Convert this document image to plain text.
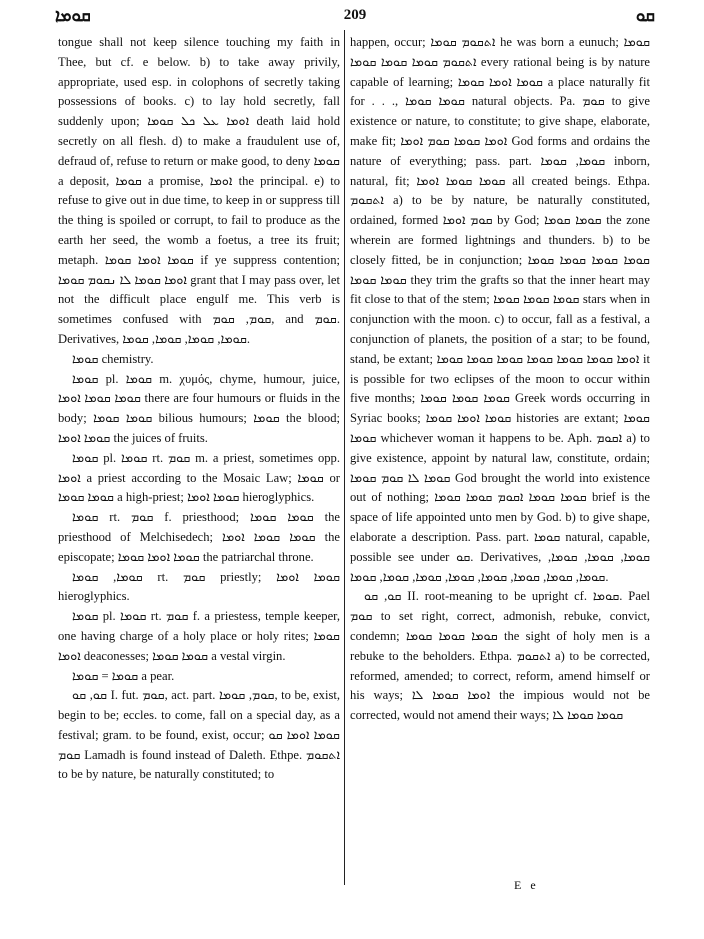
ܩܘܡܐ	209	ܩܘ

tongue shall not keep silence touching my faith in Thee, but cf. e below. b) to take away privily, appropriate, used esp. in colophons of secretly taking possessions of books. c) to lay hold secretly, fall suddenly upon; ܐܘܡܐ ܥܠ ܟܠ ܩܘܡܐ death laid hold secretly on all flesh. d) to make a fraudulent use of, defraud of, refuse to return or make good, to deny ܩܘܡܐ a deposit, ܩܘܡܐ a promise, ܐܘܡܐ the principal. e) to refuse to give out in due time, to keep in or suppress till the thing is spoiled or corrupt, to fail to produce as the earth her seed, the womb a foetus, a tree its fruit; metaph. ܩܘܡܐ ܐܘܡܐ ܩܘܡܐ if ye suppress contention; ܐܘܡܐ ܩܘܡܐ ܠܐ ܢܩܘܡ ܩܘܡܐ grant that I may pass over, let not the difficult place engulf me. This verb is sometimes confused with ܩܘܡ, ܩܘܡ, and ܩܘܡ. Derivatives, ܩܘܡܐ, ܩܘܡܐ, ܩܘܡܐ, ܩܘܡܐ.

ܩܘܡܐ chemistry.

ܩܘܡܐ pl. ܩܘܡܐ m. χυμός, chyme, humour, juice, ܩܘܡܐ ܩܘܡܐ ܐܘܡܐ there are four humours or fluids in the body; ܩܘܡܐ ܩܘܡܐ bilious humours; ܩܘܡܐ the blood; ܩܘܡܐ ܐܘܡܐ the juices of fruits.

ܩܘܡܐ pl. ܩܘܡܐ rt. ܩܘܡ m. a priest, sometimes opp. ܐܘܡܐ a priest according to the Mosaic Law; ܩܘܡܐ or ܩܘܡܐ ܩܘܡܐ a high-priest; ܩܘܡܐ ܐܘܡܐ hieroglyphics.

ܩܘܡܐ rt. ܩܘܡ f. priesthood; ܩܘܡܐ ܩܘܡܐ the priesthood of Melchisedech; ܩܘܡܐ ܩܘܡܐ ܐܘܡܐ the episcopate; ܩܘܡܐ ܐܘܡܐ ܩܘܡܐ the patriarchal throne.

ܩܘܡܐ, ܩܘܡܐ rt. ܩܘܡ priestly; ܩܘܡܐ ܐܘܡܐ hieroglyphics.

ܩܘܡܐ pl. ܩܘܡܐ rt. ܩܘܡ f. a priestess, temple keeper, one having charge of a holy place or holy rites; ܩܘܡܐ ܐܘܡܐ deaconesses; ܩܘܡܐ ܩܘܡܐ a vestal virgin.

ܩܘܡܐ = ܩܘܡܐ a pear.

ܩܘ, ܩܘ I. fut. ܩܘܡ, act. part. ܩܘܡ, ܩܘܡܐ, to be, exist, begin to be; eccles. to come, fall on a special day, as a festival; gram. to be found, exist, occur; ܩܘܡܐ ܐܘܡܐ ܩܘ ܩܘܡ Lamadh is found instead of Daleth. Ethpe. ܐܬܩܘܡ to be by nature, be naturally constituted; to

happen, occur; ܐܬܩܘܡ ܩܘܡܐ he was born a eunuch; ܩܘܡܐ ܐܬܩܘܡ ܩܘܡܐ ܩܘܡܐ ܩܘܡܐ every rational being is by nature capable of learning; ܩܘܡܐ ܐܘܡܐ ܩܘܡܐ a place naturally fit for . . ., ܩܘܡܐ ܩܘܡܐ natural objects. Pa. ܩܘܡ to give existence or nature, to constitute; to give shape, elaborate, make fit; ܐܘܡܐ ܩܘܡܐ ܩܘܡ ܐܘܡܐ God forms and ordains the nature of everything; pass. part. ܩܘܡܐ, ܩܘܡܐ inborn, natural, fit; ܩܘܡܐ ܩܘܡܐ ܐܘܡܐ all created beings. Ethpa. ܐܬܩܘܡ a) to be by nature, be naturally constituted, ordained, formed ܩܘܡ ܐܘܡܐ by God; ܩܘܡܐ ܩܘܡܐ the zone wherein are formed lightnings and thunders. b) to be closely fitted, be in conjunction; ܩܘܡܐ ܩܘܡܐ ܩܘܡܐ ܩܘܡܐ ܩܘܡܐ ܩܘܡܐ they trim the grafts so that the inner heart may fit close to that of the stem; ܩܘܡܐ ܩܘܡܐ ܩܘܡܐ stars when in conjunction with the moon. c) to occur, fall as a festival, a conjunction of planets, the position of a star; to be found, stand, be extant; ܐܘܡܐ ܩܘܡܐ ܩܘܡܐ ܩܘܡܐ ܩܘܡܐ ܩܘܡܐ ܩܘܡܐ it is possible for two eclipses of the moon to occur within five months; ܩܘܡܐ ܩܘܡܐ ܩܘܡܐ Greek words occurring in Syriac books; ܩܘܡܐ ܐܘܡܐ ܩܘܡܐ histories are extant; ܩܘܡܐ ܩܘܡܐ whichever woman it happens to be. Aph. ܐܩܘܡ a) to give existence, appoint by natural law, constitute, ordain; ܩܘܡܐ ܠܐ ܩܘܡ ܩܘܡܐ God brought the world into existence out of nothing; ܩܘܡܐ ܩܘܡܐ ܐܩܘܡ ܩܘܡܐ ܩܘܡܐ brief is the space of life appointed unto men by God. b) to give shape, elaborate a description. Pass. part. ܩܘܡܐ natural, capable, possible see under ܩܘ. Derivatives, ܩܘܡܐ, ܩܘܡܐ, ܩܘܡܐ, ܩܘܡܐ, ܩܘܡܐ, ܩܘܡܐ, ܩܘܡܐ, ܩܘܡܐ, ܩܘܡܐ, ܩܘܡܐ, ܩܘܡܐ.

ܩܘ, ܩܘ II. root-meaning to be upright cf. ܩܘܡܐ. Pael ܩܘܡ to set right, correct, admonish, rebuke, convict, condemn; ܩܘܡܐ ܩܘܡܐ ܩܘܡܐ the sight of holy men is a rebuke to the beholders. Ethpa. ܐܬܩܘܡ a) to be corrected, reformed, amended; to correct, reform, amend himself or his ways; ܐܘܡܐ ܩܘܡܐ ܠܐ the impious would not be corrected, would not amend their ways; ܩܘܡܐ ܩܘܡܐ ܠܐ

E e
